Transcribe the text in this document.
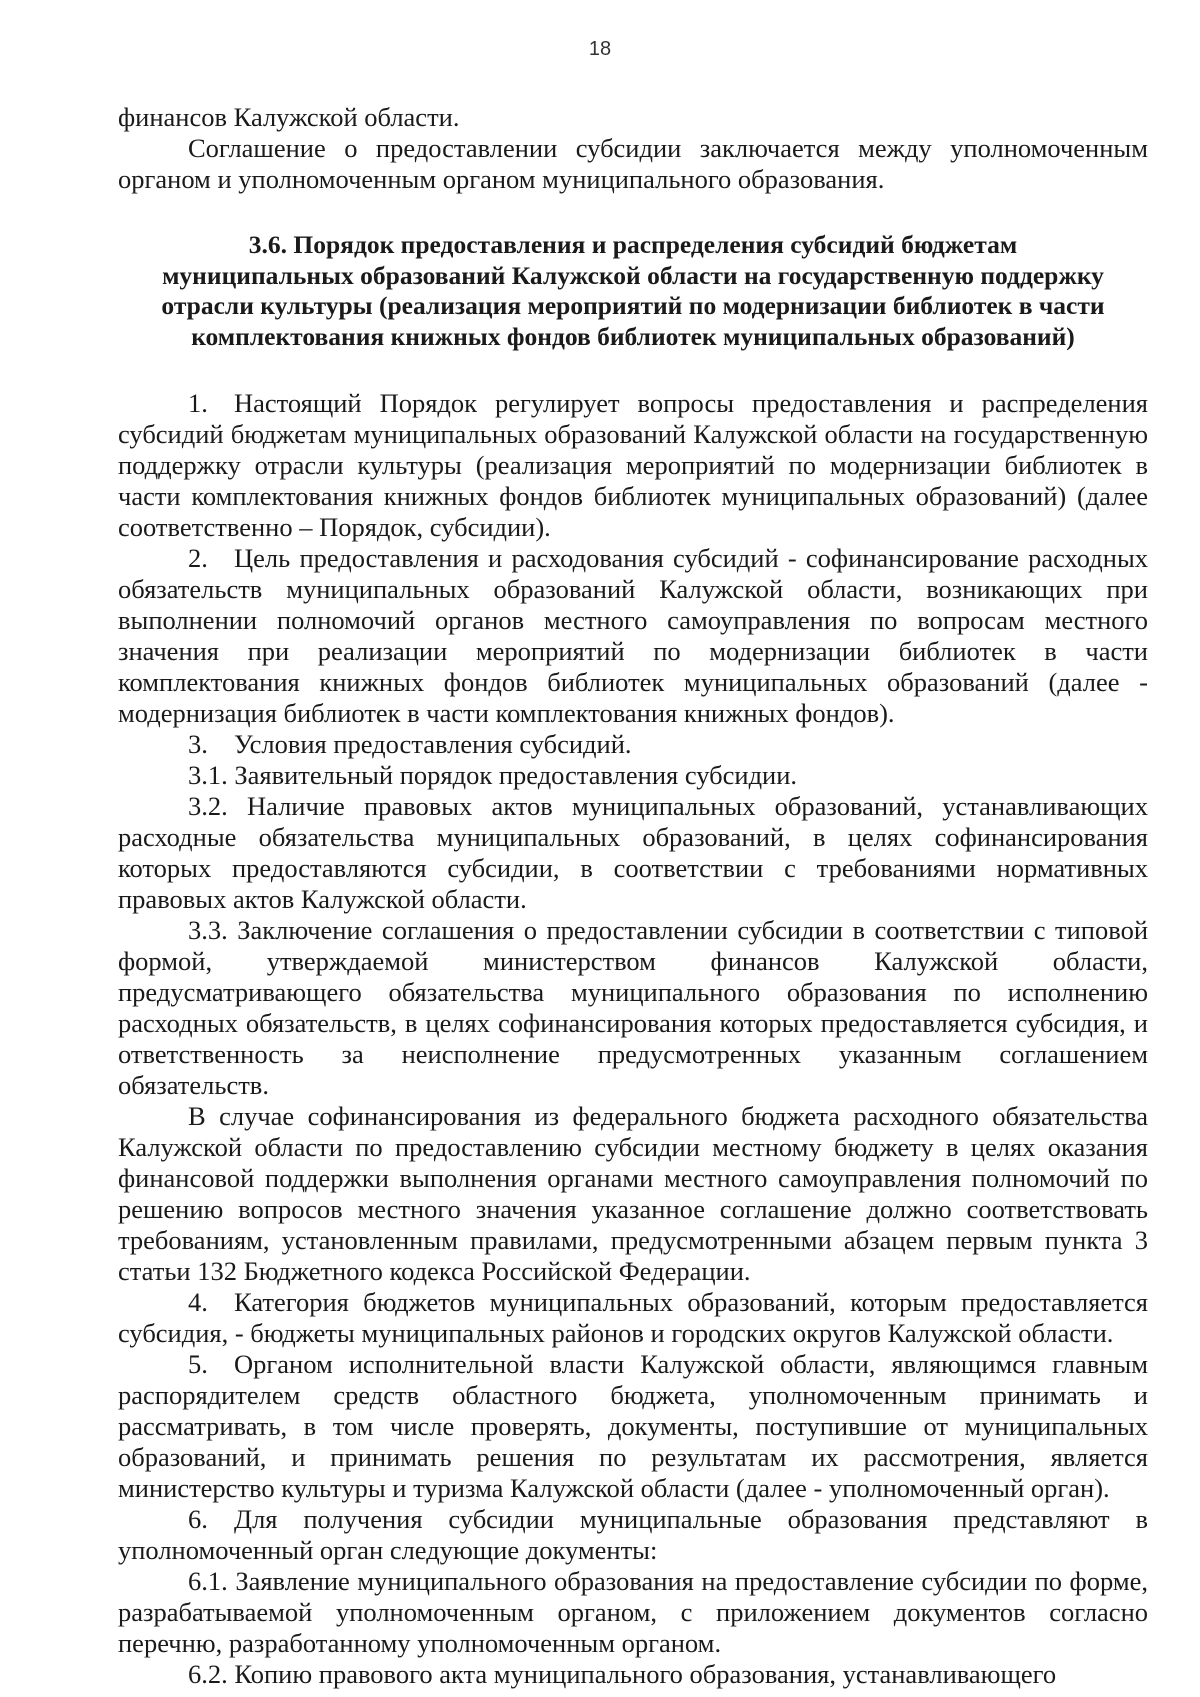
18

финансов Калужской области.

Соглашение о предоставлении субсидии заключается между уполномоченным органом и уполномоченным органом муниципального образования.

3.6. Порядок предоставления и распределения субсидий бюджетам
муниципальных образований Калужской области на государственную поддержку
отрасли культуры (реализация мероприятий по модернизации библиотек в части
комплектования книжных фондов библиотек муниципальных образований)

1. Настоящий Порядок регулирует вопросы предоставления и распределения субсидий бюджетам муниципальных образований Калужской области на государственную поддержку отрасли культуры (реализация мероприятий по модернизации библиотек в части комплектования книжных фондов библиотек муниципальных образований) (далее соответственно – Порядок, субсидии).

2. Цель предоставления и расходования субсидий - софинансирование расходных обязательств муниципальных образований Калужской области, возникающих при выполнении полномочий органов местного самоуправления по вопросам местного значения при реализации мероприятий по модернизации библиотек в части комплектования книжных фондов библиотек муниципальных образований (далее - модернизация библиотек в части комплектования книжных фондов).

3. Условия предоставления субсидий.

3.1. Заявительный порядок предоставления субсидии.

3.2. Наличие правовых актов муниципальных образований, устанавливающих расходные обязательства муниципальных образований, в целях софинансирования которых предоставляются субсидии, в соответствии с требованиями нормативных правовых актов Калужской области.

3.3. Заключение соглашения о предоставлении субсидии в соответствии с типовой формой, утверждаемой министерством финансов Калужской области, предусматривающего обязательства муниципального образования по исполнению расходных обязательств, в целях софинансирования которых предоставляется субсидия, и ответственность за неисполнение предусмотренных указанным соглашением обязательств.

В случае софинансирования из федерального бюджета расходного обязательства Калужской области по предоставлению субсидии местному бюджету в целях оказания финансовой поддержки выполнения органами местного самоуправления полномочий по решению вопросов местного значения указанное соглашение должно соответствовать требованиям, установленным правилами, предусмотренными абзацем первым пункта 3 статьи 132 Бюджетного кодекса Российской Федерации.

4. Категория бюджетов муниципальных образований, которым предоставляется субсидия, - бюджеты муниципальных районов и городских округов Калужской области.

5. Органом исполнительной власти Калужской области, являющимся главным распорядителем средств областного бюджета, уполномоченным принимать и рассматривать, в том числе проверять, документы, поступившие от муниципальных образований, и принимать решения по результатам их рассмотрения, является министерство культуры и туризма Калужской области (далее - уполномоченный орган).

6. Для получения субсидии муниципальные образования представляют в уполномоченный орган следующие документы:

6.1. Заявление муниципального образования на предоставление субсидии по форме, разрабатываемой уполномоченным органом, с приложением документов согласно перечню, разработанному уполномоченным органом.

6.2. Копию правового акта муниципального образования, устанавливающего
